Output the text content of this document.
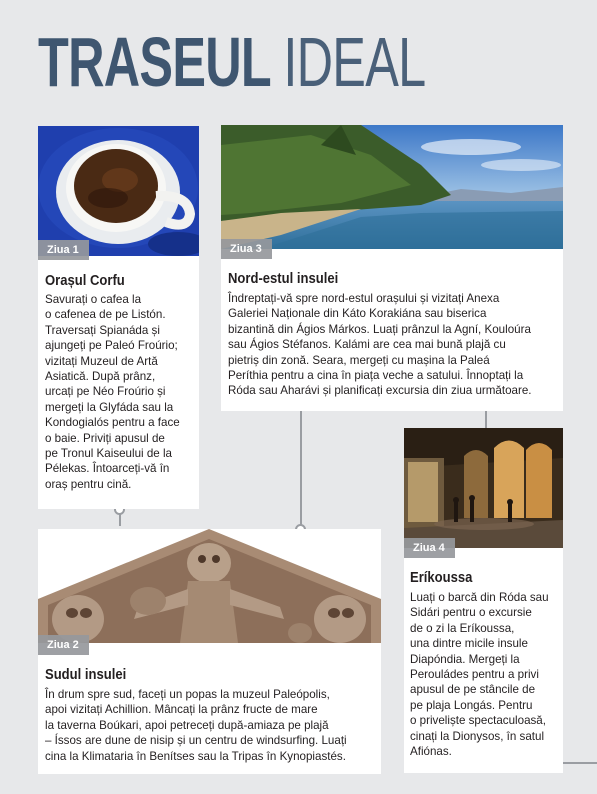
TRASEUL IDEAL
Ziua 1
Orașul Corfu

Savurați o cafea la
o cafenea de pe Listón.
Traversați Spianáda și
ajungeți pe Paleó Froúrio;
vizitați Muzeul de Artă
Asiatică. După prânz,
urcați pe Néo Froúrio și
mergeți la Glyfáda sau la
Kondogialós pentru a face
o baie. Priviți apusul de
pe Tronul Kaiseului de la
Pélekas. Întoarceți-vă în
oraș pentru cină.

Ziua 3
Nord-estul insulei

Îndreptați-vă spre nord-estul orașului și vizitați Anexa
Galeriei Naționale din Káto Korakiána sau biserica
bizantină din Ágios Márkos. Luați prânzul la Agní, Kouloúra
sau Ágios Stéfanos. Kalámi are cea mai bună plajă cu
pietriș din zonă. Seara, mergeți cu mașina la Paleá
Períthia pentru a cina în piața veche a satului. Înnoptați la
Róda sau Aharávi și planificați excursia din ziua următoare.

Ziua 2
Sudul insulei

În drum spre sud, faceți un popas la muzeul Paleópolis,
apoi vizitați Achillion. Mâncați la prânz fructe de mare
la taverna Boúkari, apoi petreceți după-amiaza pe plajă
– Íssos are dune de nisip și un centru de windsurfing. Luați
cina la Klimataria în Benítses sau la Tripas în Kynopiastés.

Ziua 4
Eríkoussa

Luați o barcă din Róda sau
Sidári pentru o excursie
de o zi la Eríkoussa,
una dintre micile insule
Diapóndia. Mergeți la
Perouládes pentru a privi
apusul de pe stâncile de
pe plaja Longás. Pentru
o priveliște spectaculoasă,
cinați la Dionysos, în satul
Afiónas.
